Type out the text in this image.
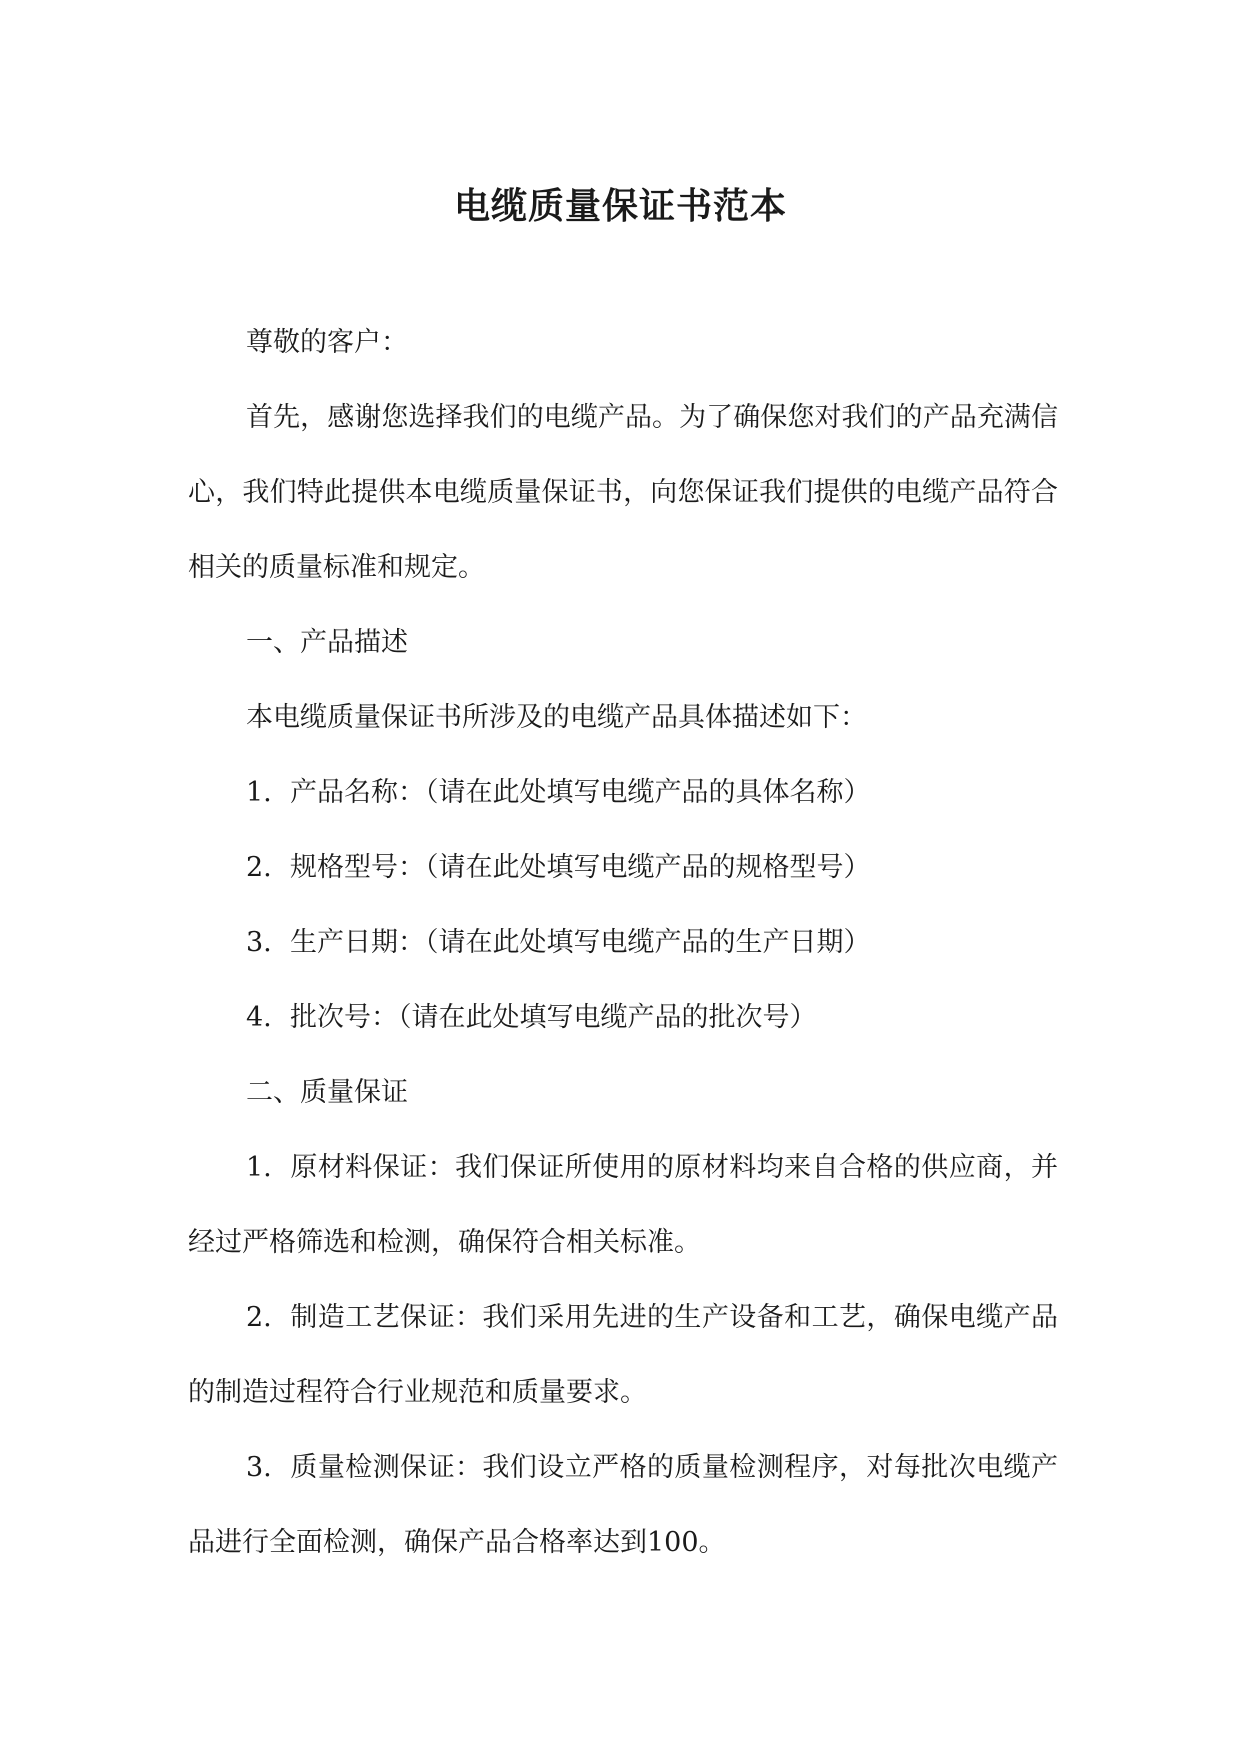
电缆质量保证书范本

尊敬的客户：

首先，感谢您选择我们的电缆产品。为了确保您对我们的产品充满信心，我们特此提供本电缆质量保证书，向您保证我们提供的电缆产品符合相关的质量标准和规定。

一、产品描述

本电缆质量保证书所涉及的电缆产品具体描述如下：

1. 产品名称：（请在此处填写电缆产品的具体名称）

2. 规格型号：（请在此处填写电缆产品的规格型号）

3. 生产日期：（请在此处填写电缆产品的生产日期）

4. 批次号：（请在此处填写电缆产品的批次号）

二、质量保证

1. 原材料保证：我们保证所使用的原材料均来自合格的供应商，并经过严格筛选和检测，确保符合相关标准。

2. 制造工艺保证：我们采用先进的生产设备和工艺，确保电缆产品的制造过程符合行业规范和质量要求。

3. 质量检测保证：我们设立严格的质量检测程序，对每批次电缆产品进行全面检测，确保产品合格率达到100。
